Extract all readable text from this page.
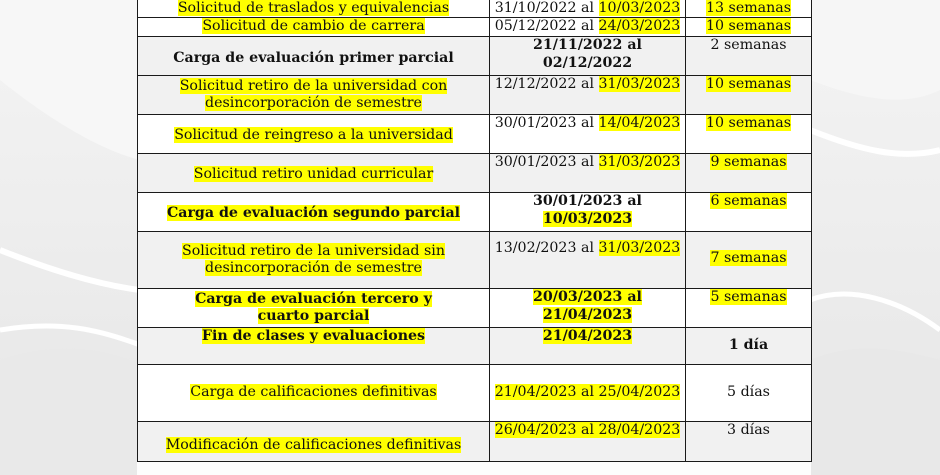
Solicitud de traslados y equivalencias	31/10/2022 al 10/03/2023	13 semanas
Solicitud de cambio de carrera	05/12/2022 al 24/03/2023	10 semanas
Carga de evaluación primer parcial	21/11/2022 al 02/12/2022	2 semanas
Solicitud retiro de la universidad con
desincorporación de semestre	12/12/2022 al 31/03/2023	10 semanas
Solicitud de reingreso a la universidad	30/01/2023 al 14/04/2023	10 semanas
Solicitud retiro unidad curricular	30/01/2023 al 31/03/2023	9 semanas
Carga de evaluación segundo parcial	30/01/2023 al 10/03/2023	6 semanas
Solicitud retiro de la universidad sin
desincorporación de semestre	13/02/2023 al 31/03/2023	7 semanas
Carga de evaluación tercero y
cuarto parcial	20/03/2023 al 21/04/2023	5 semanas
Fin de clases y evaluaciones	21/04/2023	1 día
Carga de calificaciones definitivas	21/04/2023 al 25/04/2023	5 días
Modificación de calificaciones definitivas	26/04/2023 al 28/04/2023	3 días
